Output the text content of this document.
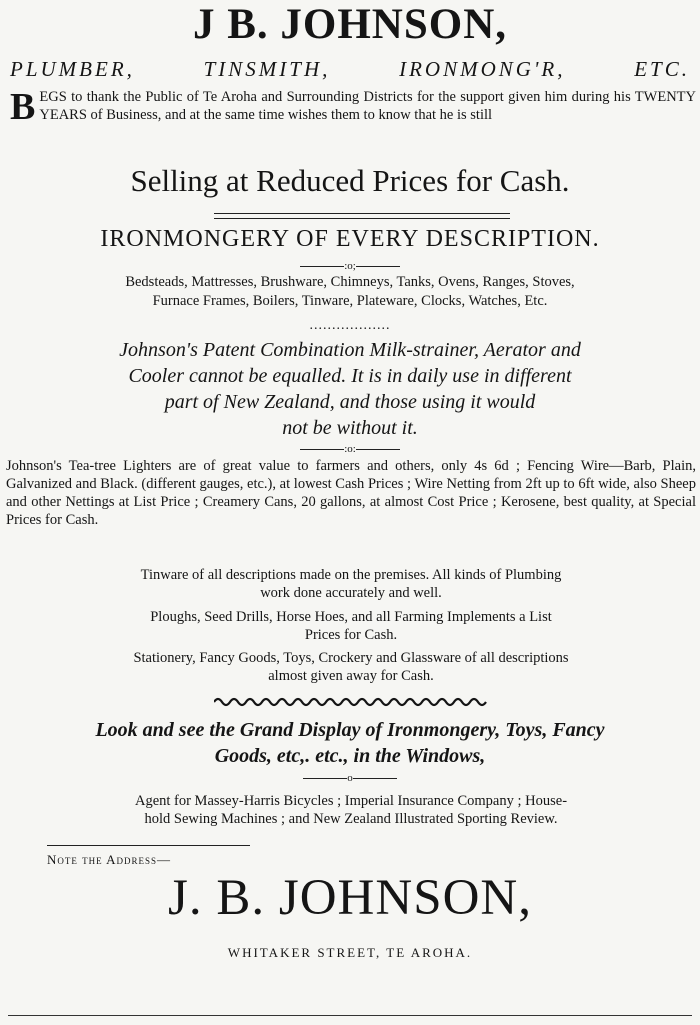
J B. JOHNSON,
PLUMBER,	TINSMITH,	IRONMONG'R,	ETC.
BEGS to thank the Public of Te Aroha and Surrounding Districts for the support given him during his TWENTY YEARS of Business, and at the same time wishes them to know that he is still
Selling at Reduced Prices for Cash.
IRONMONGERY OF EVERY DESCRIPTION.
:o;
Bedsteads, Mattresses, Brushware, Chimneys, Tanks, Ovens, Ranges, Stoves,
Furnace Frames, Boilers, Tinware, Plateware, Clocks, Watches, Etc.
..................
Johnson's Patent Combination Milk-strainer, Aerator and
Cooler cannot be equalled. It is in daily use in different
part of New Zealand, and those using it would
not be without it.
:o:
Johnson's Tea-tree Lighters are of great value to farmers and others, only 4s 6d ; Fencing Wire—Barb, Plain, Galvanized and Black. (different gauges, etc.), at lowest Cash Prices ; Wire Netting from 2ft up to 6ft wide, also Sheep and other Nettings at List Price ; Creamery Cans, 20 gallons, at almost Cost Price ; Kerosene, best quality, at Special Prices for Cash.
Tinware of all descriptions made on the premises. All kinds of Plumbing
work done accurately and well.
Ploughs, Seed Drills, Horse Hoes, and all Farming Implements a List
Prices for Cash.
Stationery, Fancy Goods, Toys, Crockery and Glassware of all descriptions
almost given away for Cash.
Look and see the Grand Display of Ironmongery, Toys, Fancy
Goods, etc,. etc., in the Windows,
o
Agent for Massey-Harris Bicycles ; Imperial Insurance Company ; House-
hold Sewing Machines ; and New Zealand Illustrated Sporting Review.
Note the Address—
J. B. JOHNSON,
WHITAKER STREET, TE AROHA.
